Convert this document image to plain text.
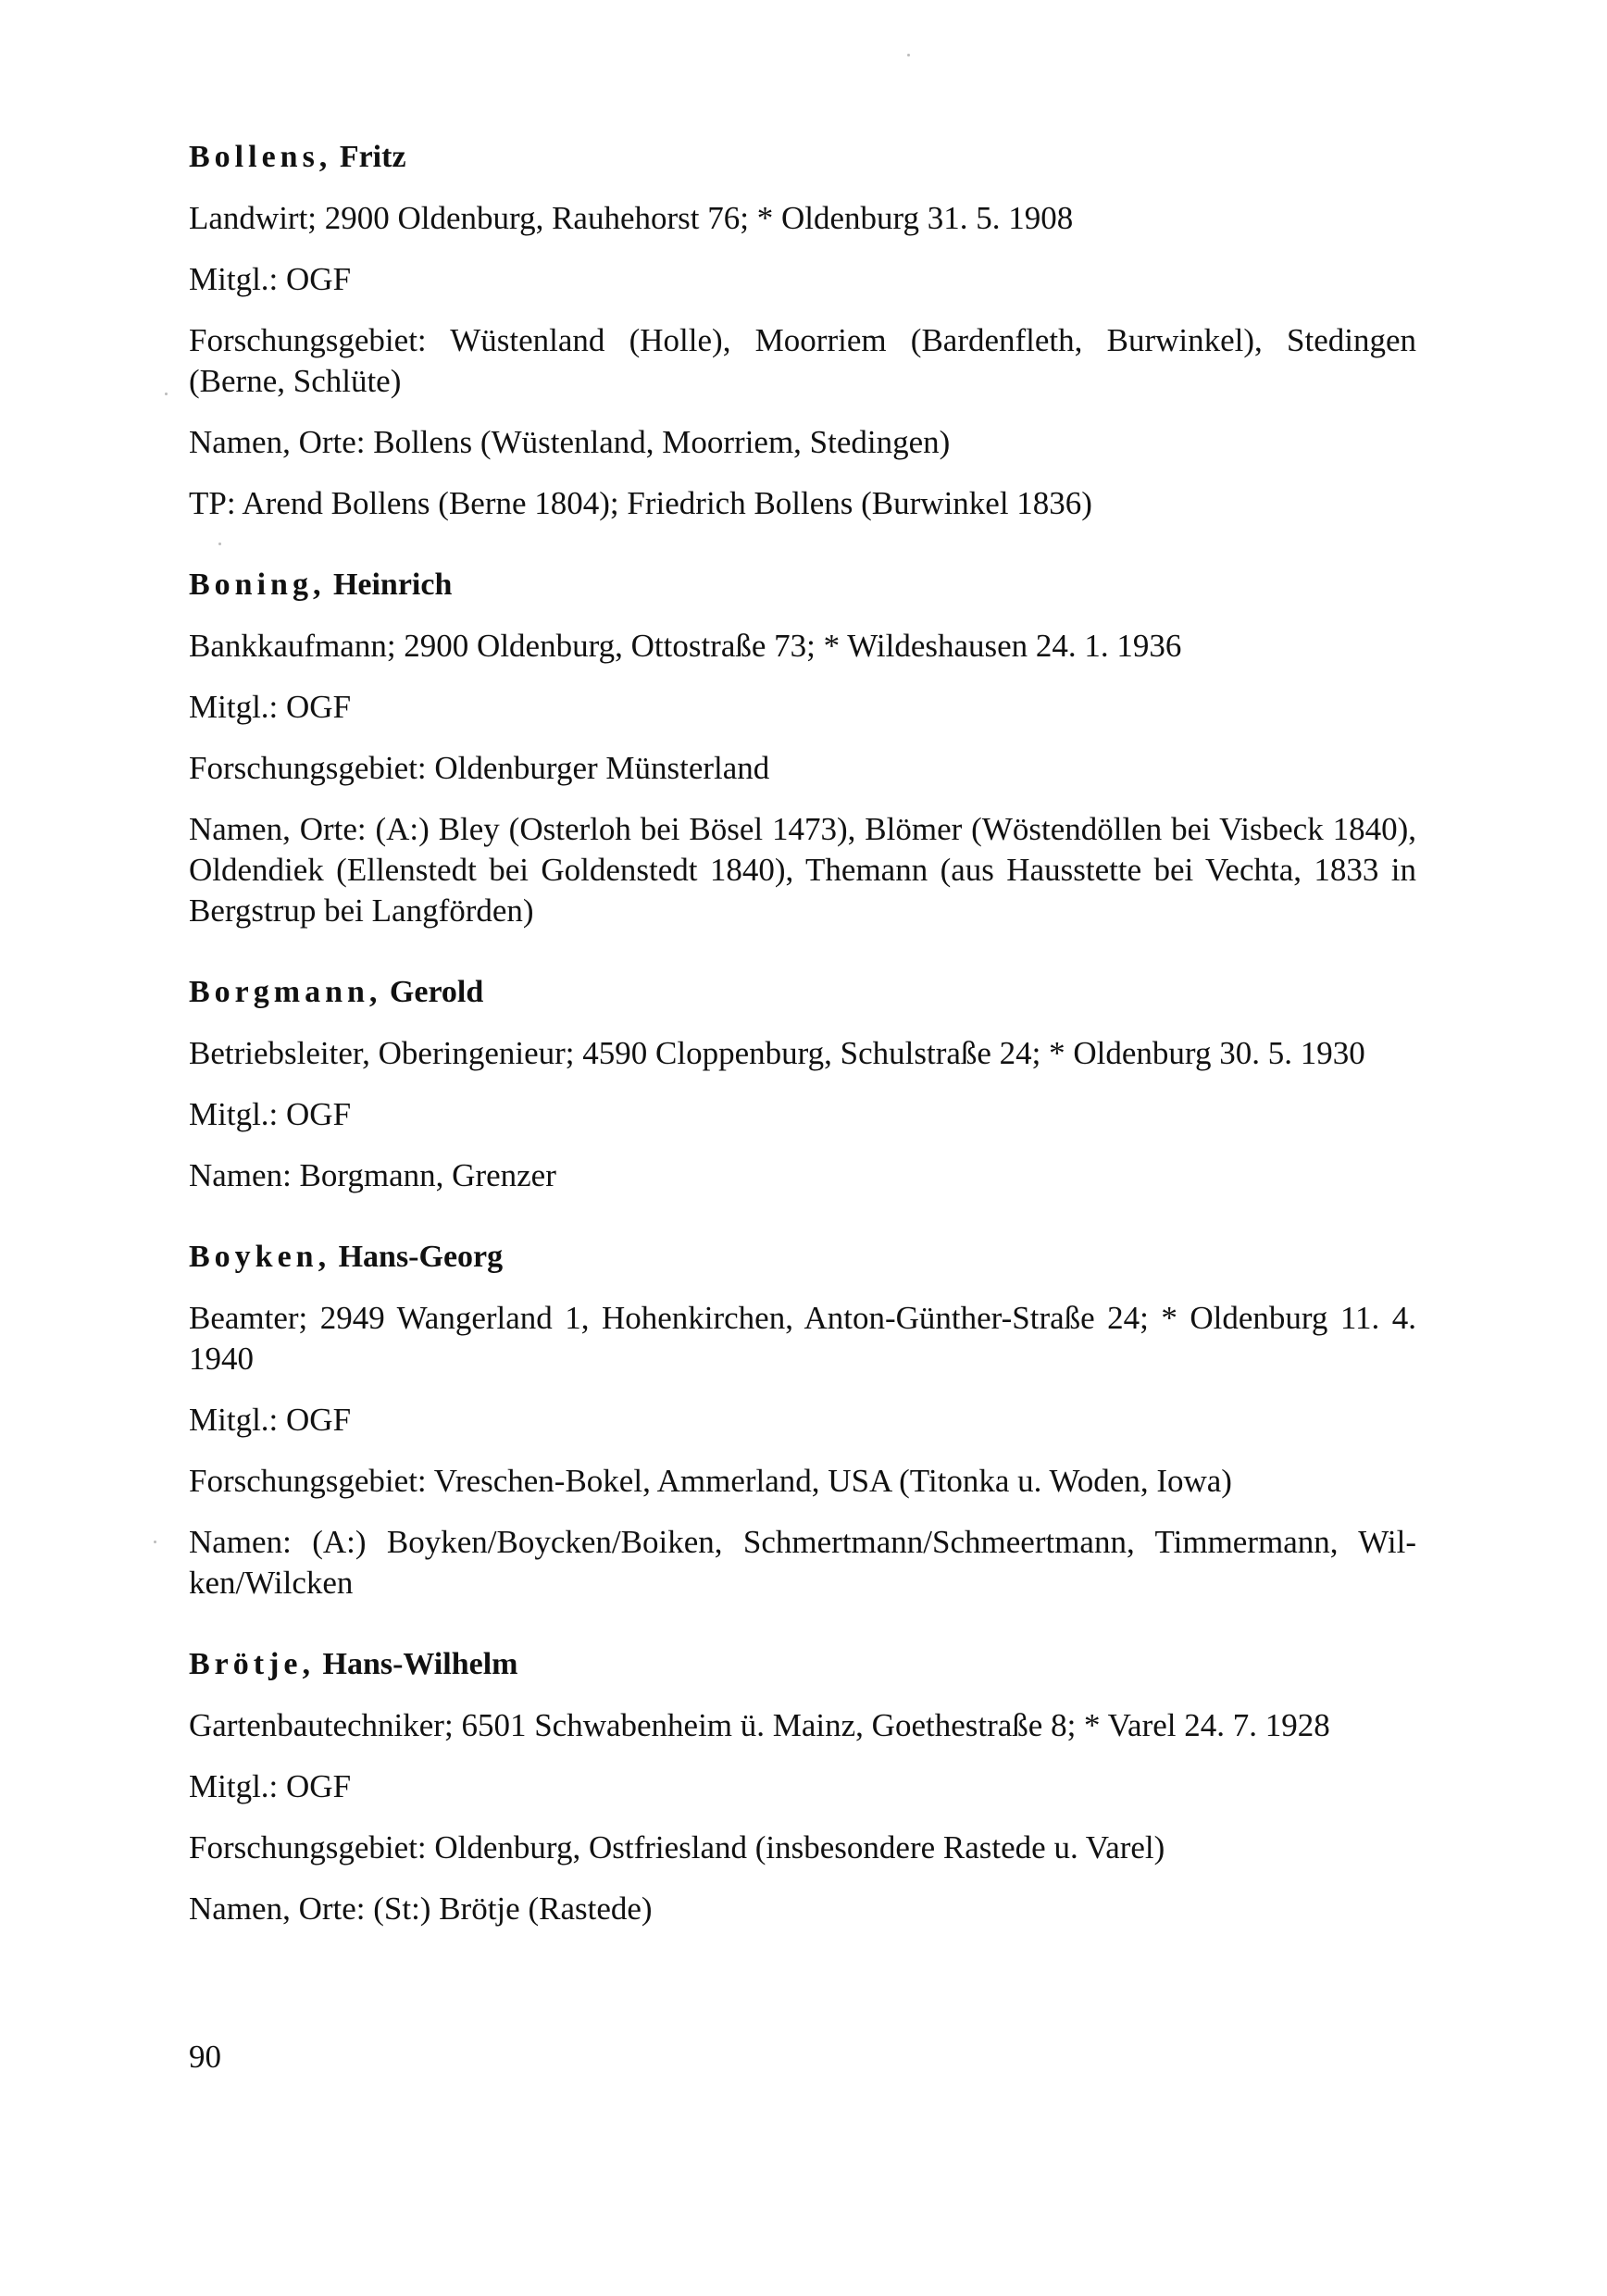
Bollens, Fritz
Landwirt; 2900 Oldenburg, Rauhehorst 76; * Oldenburg 31. 5. 1908
Mitgl.: OGF
Forschungsgebiet: Wüstenland (Holle), Moorriem (Bardenfleth, Burwinkel), Stedingen (Berne, Schlüte)
Namen, Orte: Bollens (Wüstenland, Moorriem, Stedingen)
TP: Arend Bollens (Berne 1804); Friedrich Bollens (Burwinkel 1836)
Boning, Heinrich
Bankkaufmann; 2900 Oldenburg, Ottostraße 73; * Wildeshausen 24. 1. 1936
Mitgl.: OGF
Forschungsgebiet: Oldenburger Münsterland
Namen, Orte: (A:) Bley (Osterloh bei Bösel 1473), Blömer (Wöstendöllen bei Visbeck 1840), Oldendiek (Ellenstedt bei Goldenstedt 1840), Themann (aus Hausstette bei Vechta, 1833 in Bergstrup bei Langförden)
Borgmann, Gerold
Betriebsleiter, Oberingenieur; 4590 Cloppenburg, Schulstraße 24; * Oldenburg 30. 5. 1930
Mitgl.: OGF
Namen: Borgmann, Grenzer
Boyken, Hans-Georg
Beamter; 2949 Wangerland 1, Hohenkirchen, Anton-Günther-Straße 24; * Oldenburg 11. 4. 1940
Mitgl.: OGF
Forschungsgebiet: Vreschen-Bokel, Ammerland, USA (Titonka u. Woden, Iowa)
Namen: (A:) Boyken/Boycken/Boiken, Schmertmann/Schmeertmann, Timmermann, Wil-ken/Wilcken
Brötje, Hans-Wilhelm
Gartenbautechniker; 6501 Schwabenheim ü. Mainz, Goethestraße 8; * Varel 24. 7. 1928
Mitgl.: OGF
Forschungsgebiet: Oldenburg, Ostfriesland (insbesondere Rastede u. Varel)
Namen, Orte: (St:) Brötje (Rastede)
90
